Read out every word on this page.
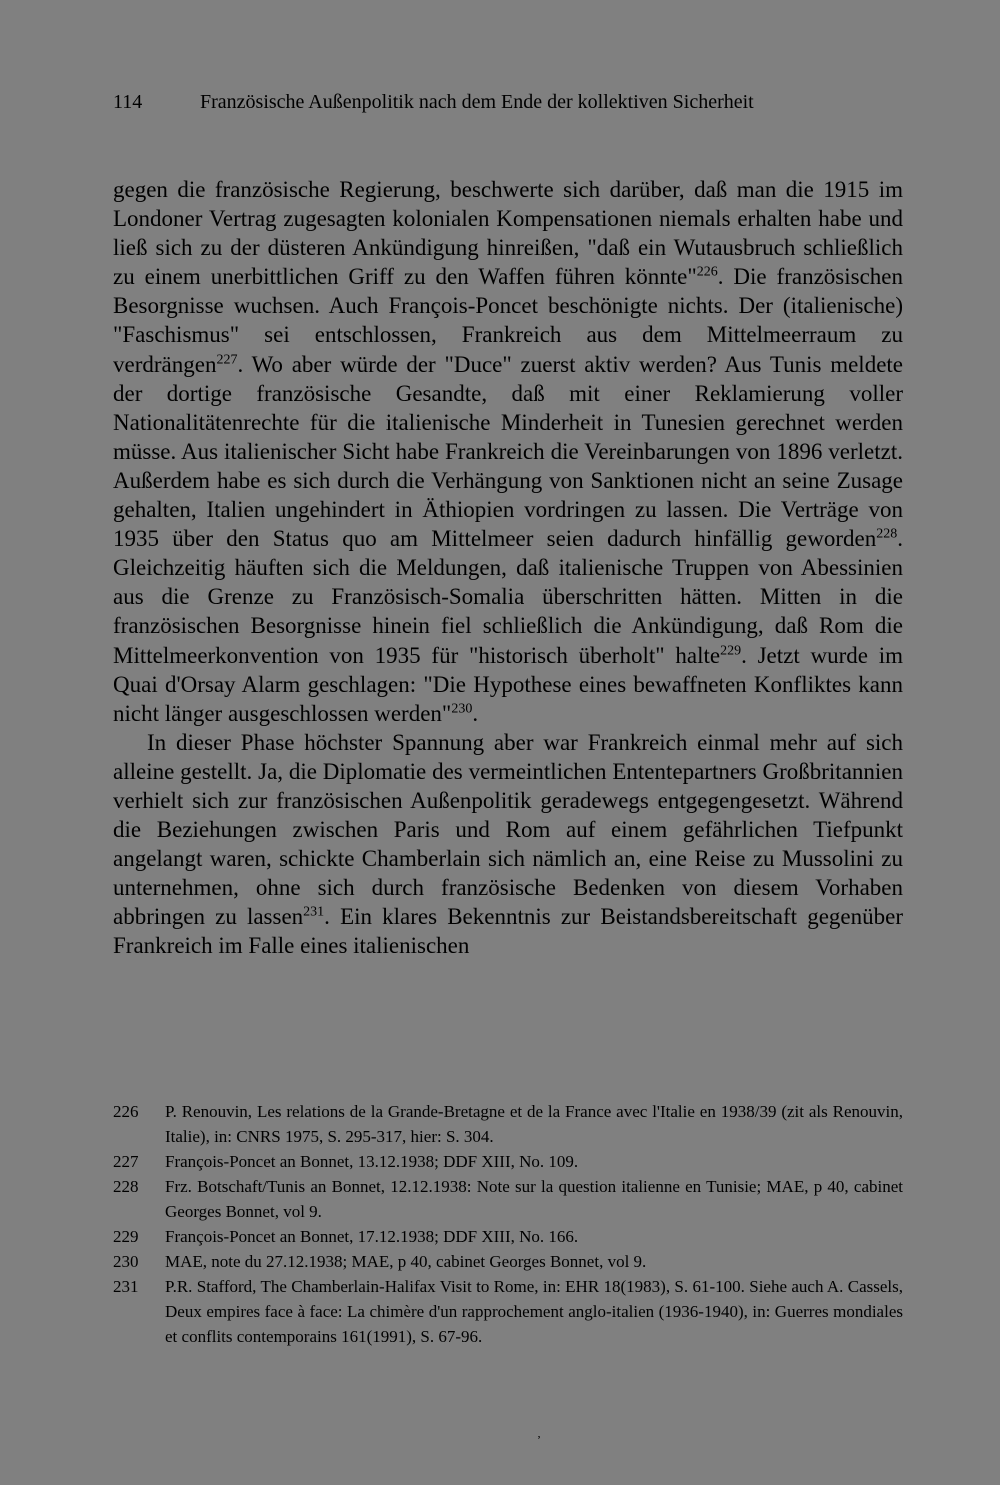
114	Französische Außenpolitik nach dem Ende der kollektiven Sicherheit

gegen die französische Regierung, beschwerte sich darüber, daß man die 1915 im Londoner Vertrag zugesagten kolonialen Kompensationen niemals erhalten habe und ließ sich zu der düsteren Ankündigung hinreißen, "daß ein Wutausbruch schließlich zu einem unerbittlichen Griff zu den Waffen führen könnte"$^{226}$. Die französischen Besorgnisse wuchsen. Auch François-Poncet beschönigte nichts. Der (italienische) "Faschismus" sei entschlossen, Frankreich aus dem Mittelmeerraum zu verdrängen$^{227}$. Wo aber würde der "Duce" zuerst aktiv werden? Aus Tunis meldete der dortige französische Gesandte, daß mit einer Reklamierung voller Nationalitätenrechte für die italienische Minderheit in Tunesien gerechnet werden müsse. Aus italienischer Sicht habe Frankreich die Vereinbarungen von 1896 verletzt. Außerdem habe es sich durch die Verhängung von Sanktionen nicht an seine Zusage gehalten, Italien ungehindert in Äthiopien vordringen zu lassen. Die Verträge von 1935 über den Status quo am Mittelmeer seien dadurch hinfällig geworden$^{228}$. Gleichzeitig häuften sich die Meldungen, daß italienische Truppen von Abessinien aus die Grenze zu Französisch-Somalia überschritten hätten. Mitten in die französischen Besorgnisse hinein fiel schließlich die Ankündigung, daß Rom die Mittelmeerkonvention von 1935 für "historisch überholt" halte$^{229}$. Jetzt wurde im Quai d'Orsay Alarm geschlagen: "Die Hypothese eines bewaffneten Konfliktes kann nicht länger ausgeschlossen werden"$^{230}$.

In dieser Phase höchster Spannung aber war Frankreich einmal mehr auf sich alleine gestellt. Ja, die Diplomatie des vermeintlichen Ententepartners Großbritannien verhielt sich zur französischen Außenpolitik geradewegs entgegengesetzt. Während die Beziehungen zwischen Paris und Rom auf einem gefährlichen Tiefpunkt angelangt waren, schickte Chamberlain sich nämlich an, eine Reise zu Mussolini zu unternehmen, ohne sich durch französische Bedenken von diesem Vorhaben abbringen zu lassen$^{231}$. Ein klares Bekenntnis zur Beistandsbereitschaft gegenüber Frankreich im Falle eines italienischen

226	P. Renouvin, Les relations de la Grande-Bretagne et de la France avec l'Italie en 1938/39 (zit als Renouvin, Italie), in: CNRS 1975, S. 295-317, hier: S. 304.
227	François-Poncet an Bonnet, 13.12.1938; DDF XIII, No. 109.
228	Frz. Botschaft/Tunis an Bonnet, 12.12.1938: Note sur la question italienne en Tunisie; MAE, p 40, cabinet Georges Bonnet, vol 9.
229	François-Poncet an Bonnet, 17.12.1938; DDF XIII, No. 166.
230	MAE, note du 27.12.1938; MAE, p 40, cabinet Georges Bonnet, vol 9.
231	P.R. Stafford, The Chamberlain-Halifax Visit to Rome, in: EHR 18(1983), S. 61-100. Siehe auch A. Cassels, Deux empires face à face: La chimère d'un rapprochement anglo-italien (1936-1940), in: Guerres mondiales et conflits contemporains 161(1991), S. 67-96.
‚
